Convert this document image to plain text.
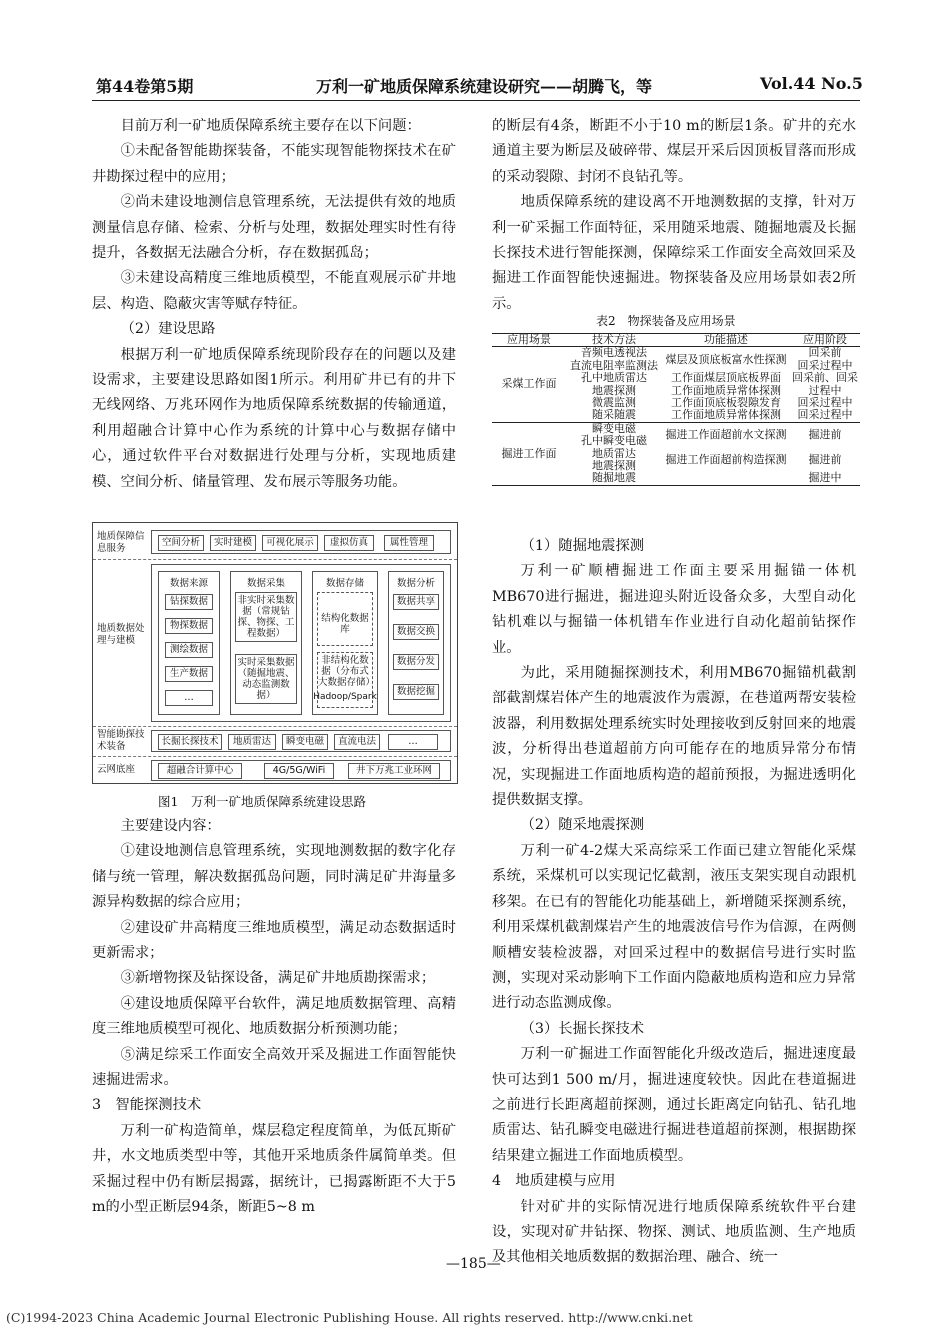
第44卷第5期	万利一矿地质保障系统建设研究——胡腾飞，等	Vol.44 No.5

目前万利一矿地质保障系统主要存在以下问题：

①未配备智能勘探装备，不能实现智能物探技术在矿井勘探过程中的应用；

②尚未建设地测信息管理系统，无法提供有效的地质测量信息存储、检索、分析与处理，数据处理实时性有待提升，各数据无法融合分析，存在数据孤岛；

③未建设高精度三维地质模型，不能直观展示矿井地层、构造、隐蔽灾害等赋存特征。

（2）建设思路

根据万利一矿地质保障系统现阶段存在的问题以及建设需求，主要建设思路如图1所示。利用矿井已有的井下无线网络、万兆环网作为地质保障系统数据的传输通道，利用超融合计算中心作为系统的计算中心与数据存储中心，通过软件平台对数据进行处理与分析，实现地质建模、空间分析、储量管理、发布展示等服务功能。

地质保障信息服务
空间分析	实时建模	可视化展示	虚拟仿真	属性管理
地质数据处理与建模
数据来源
钻探数据
物探数据
测绘数据
生产数据
…
数据采集
非实时采集数据（常规钻探、物探、工程数据）
实时采集数据（随掘地震、动态监测数据）
数据存储
结构化数据库
非结构化数据（分布式大数据存储）
Hadoop/Spark
数据分析
数据共享
数据交换
数据分发
数据挖掘
智能勘探技术装备	长掘长探技术	地质雷达	瞬变电磁	直流电法	…
云网底座	超融合计算中心	4G/5G/WiFi	井下万兆工业环网
图1　万利一矿地质保障系统建设思路

主要建设内容：

①建设地测信息管理系统，实现地测数据的数字化存储与统一管理，解决数据孤岛问题，同时满足矿井海量多源异构数据的综合应用；

②建设矿井高精度三维地质模型，满足动态数据适时更新需求；

③新增物探及钻探设备，满足矿井地质勘探需求；

④建设地质保障平台软件，满足地质数据管理、高精度三维地质模型可视化、地质数据分析预测功能；

⑤满足综采工作面安全高效开采及掘进工作面智能快速掘进需求。

3　智能探测技术

万利一矿构造简单，煤层稳定程度简单，为低瓦斯矿井，水文地质类型中等，其他开采地质条件属简单类。但采掘过程中仍有断层揭露，据统计，已揭露断距不大于5 m的小型正断层94条，断距5~8 m

的断层有4条，断距不小于10 m的断层1条。矿井的充水通道主要为断层及破碎带、煤层开采后因顶板冒落而形成的采动裂隙、封闭不良钻孔等。

地质保障系统的建设离不开地测数据的支撑，针对万利一矿采掘工作面特征，采用随采地震、随掘地震及长掘长探技术进行智能探测，保障综采工作面安全高效回采及掘进工作面智能快速掘进。物探装备及应用场景如表2所示。

表2　物探装备及应用场景
应用场景	技术方法	功能描述	应用阶段
采煤工作面	音频电透视法	煤层及顶底板富水性探测	回采前
	直流电阻率监测法		回采过程中
	孔中地质雷达	工作面煤层顶底板界面	回采前、回采
	地震探测	工作面地质异常体探测	过程中
	微震监测	工作面顶底板裂隙发育	回采过程中
	随采随震	工作面地质异常体探测	回采过程中
掘进工作面	瞬变电磁	掘进工作面超前水文探测	掘进前
	孔中瞬变电磁		
	地质雷达	掘进工作面超前构造探测	掘进前
	地震探测		
	随掘地震		掘进中

（1）随掘地震探测

万利一矿顺槽掘进工作面主要采用掘锚一体机MB670进行掘进，掘进迎头附近设备众多，大型自动化钻机难以与掘锚一体机错车作业进行自动化超前钻探作业。

为此，采用随掘探测技术，利用MB670掘锚机截割部截割煤岩体产生的地震波作为震源，在巷道两帮安装检波器，利用数据处理系统实时处理接收到反射回来的地震波，分析得出巷道超前方向可能存在的地质异常分布情况，实现掘进工作面地质构造的超前预报，为掘进透明化提供数据支撑。

（2）随采地震探测

万利一矿4-2煤大采高综采工作面已建立智能化采煤系统，采煤机可以实现记忆截割，液压支架实现自动跟机移架。在已有的智能化功能基础上，新增随采探测系统，利用采煤机截割煤岩产生的地震波信号作为信源，在两侧顺槽安装检波器，对回采过程中的数据信号进行实时监测，实现对采动影响下工作面内隐蔽地质构造和应力异常进行动态监测成像。

（3）长掘长探技术

万利一矿掘进工作面智能化升级改造后，掘进速度最快可达到1 500 m/月，掘进速度较快。因此在巷道掘进之前进行长距离超前探测，通过长距离定向钻孔、钻孔地质雷达、钻孔瞬变电磁进行掘进巷道超前探测，根据勘探结果建立掘进工作面地质模型。

4　地质建模与应用

针对矿井的实际情况进行地质保障系统软件平台建设，实现对矿井钻探、物探、测试、地质监测、生产地质及其他相关地质数据的数据治理、融合、统一

—185—
(C)1994-2023 China Academic Journal Electronic Publishing House. All rights reserved. http://www.cnki.net
